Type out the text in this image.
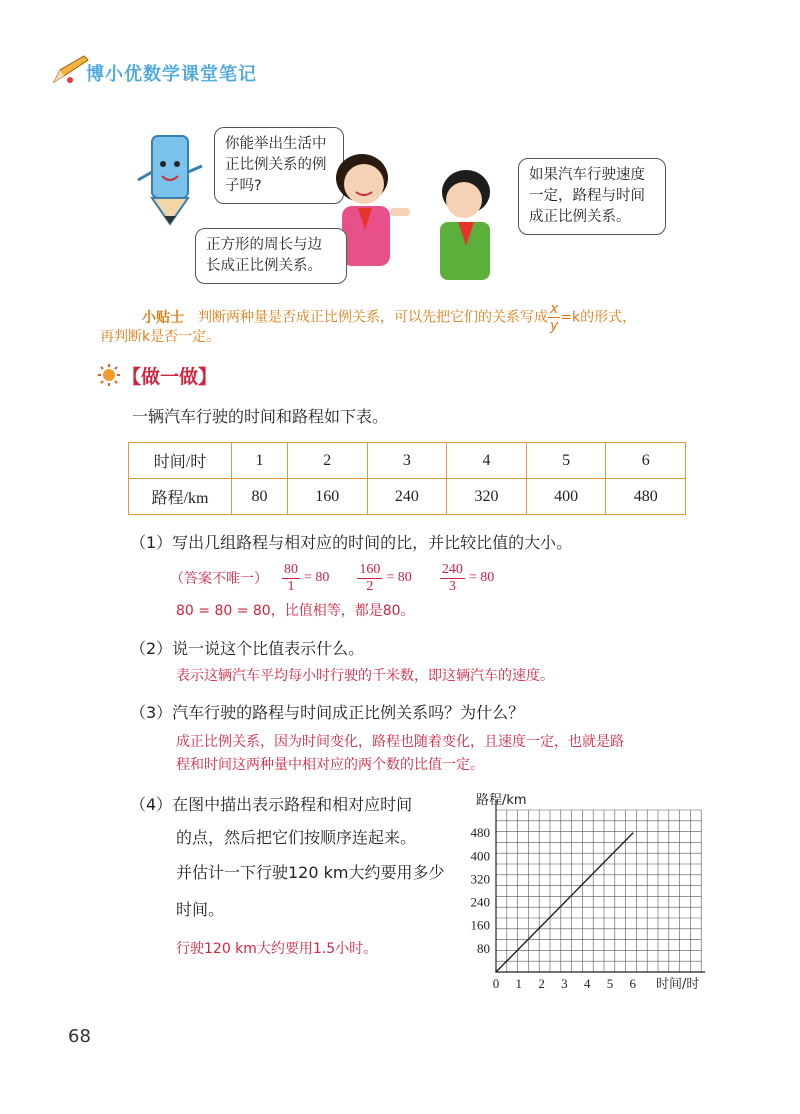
博小优数学课堂笔记
你能举出生活中正比例关系的例子吗?
正方形的周长与边长成正比例关系。
如果汽车行驶速度一定，路程与时间成正比例关系。
小贴士 判断两种量是否成正比例关系，可以先把它们的关系写成 $\frac{x}{y} =k$的形式，
再判断k是否一定。
【做一做】
一辆汽车行驶的时间和路程如下表。
时间/时	1	2	3	4	5	6
路程/km	80	160	240	320	400	480
（1）写出几组路程与相对应的时间的比，并比较比值的大小。
（答案不唯一） $\frac{80}{1} = 80 \frac{160}{2} = 80 \frac{240}{3} = 80$
80 = 80 = 80，比值相等，都是80。
（2）说一说这个比值表示什么。
表示这辆汽车平均每小时行驶的千米数，即这辆汽车的速度。
（3）汽车行驶的路程与时间成正比例关系吗？为什么？
成正比例关系，因为时间变化，路程也随着变化，且速度一定，也就是路
程和时间这两种量中相对应的两个数的比值一定。
（4）在图中描出表示路程和相对应时间
的点，然后把它们按顺序连起来。
并估计一下行驶120 km大约要用多少
时间。
行驶120 km大约要用1.5小时。
0 1 2 3 4 5 6
80
160
240
320
400
480
路程/km
时间/时
68
